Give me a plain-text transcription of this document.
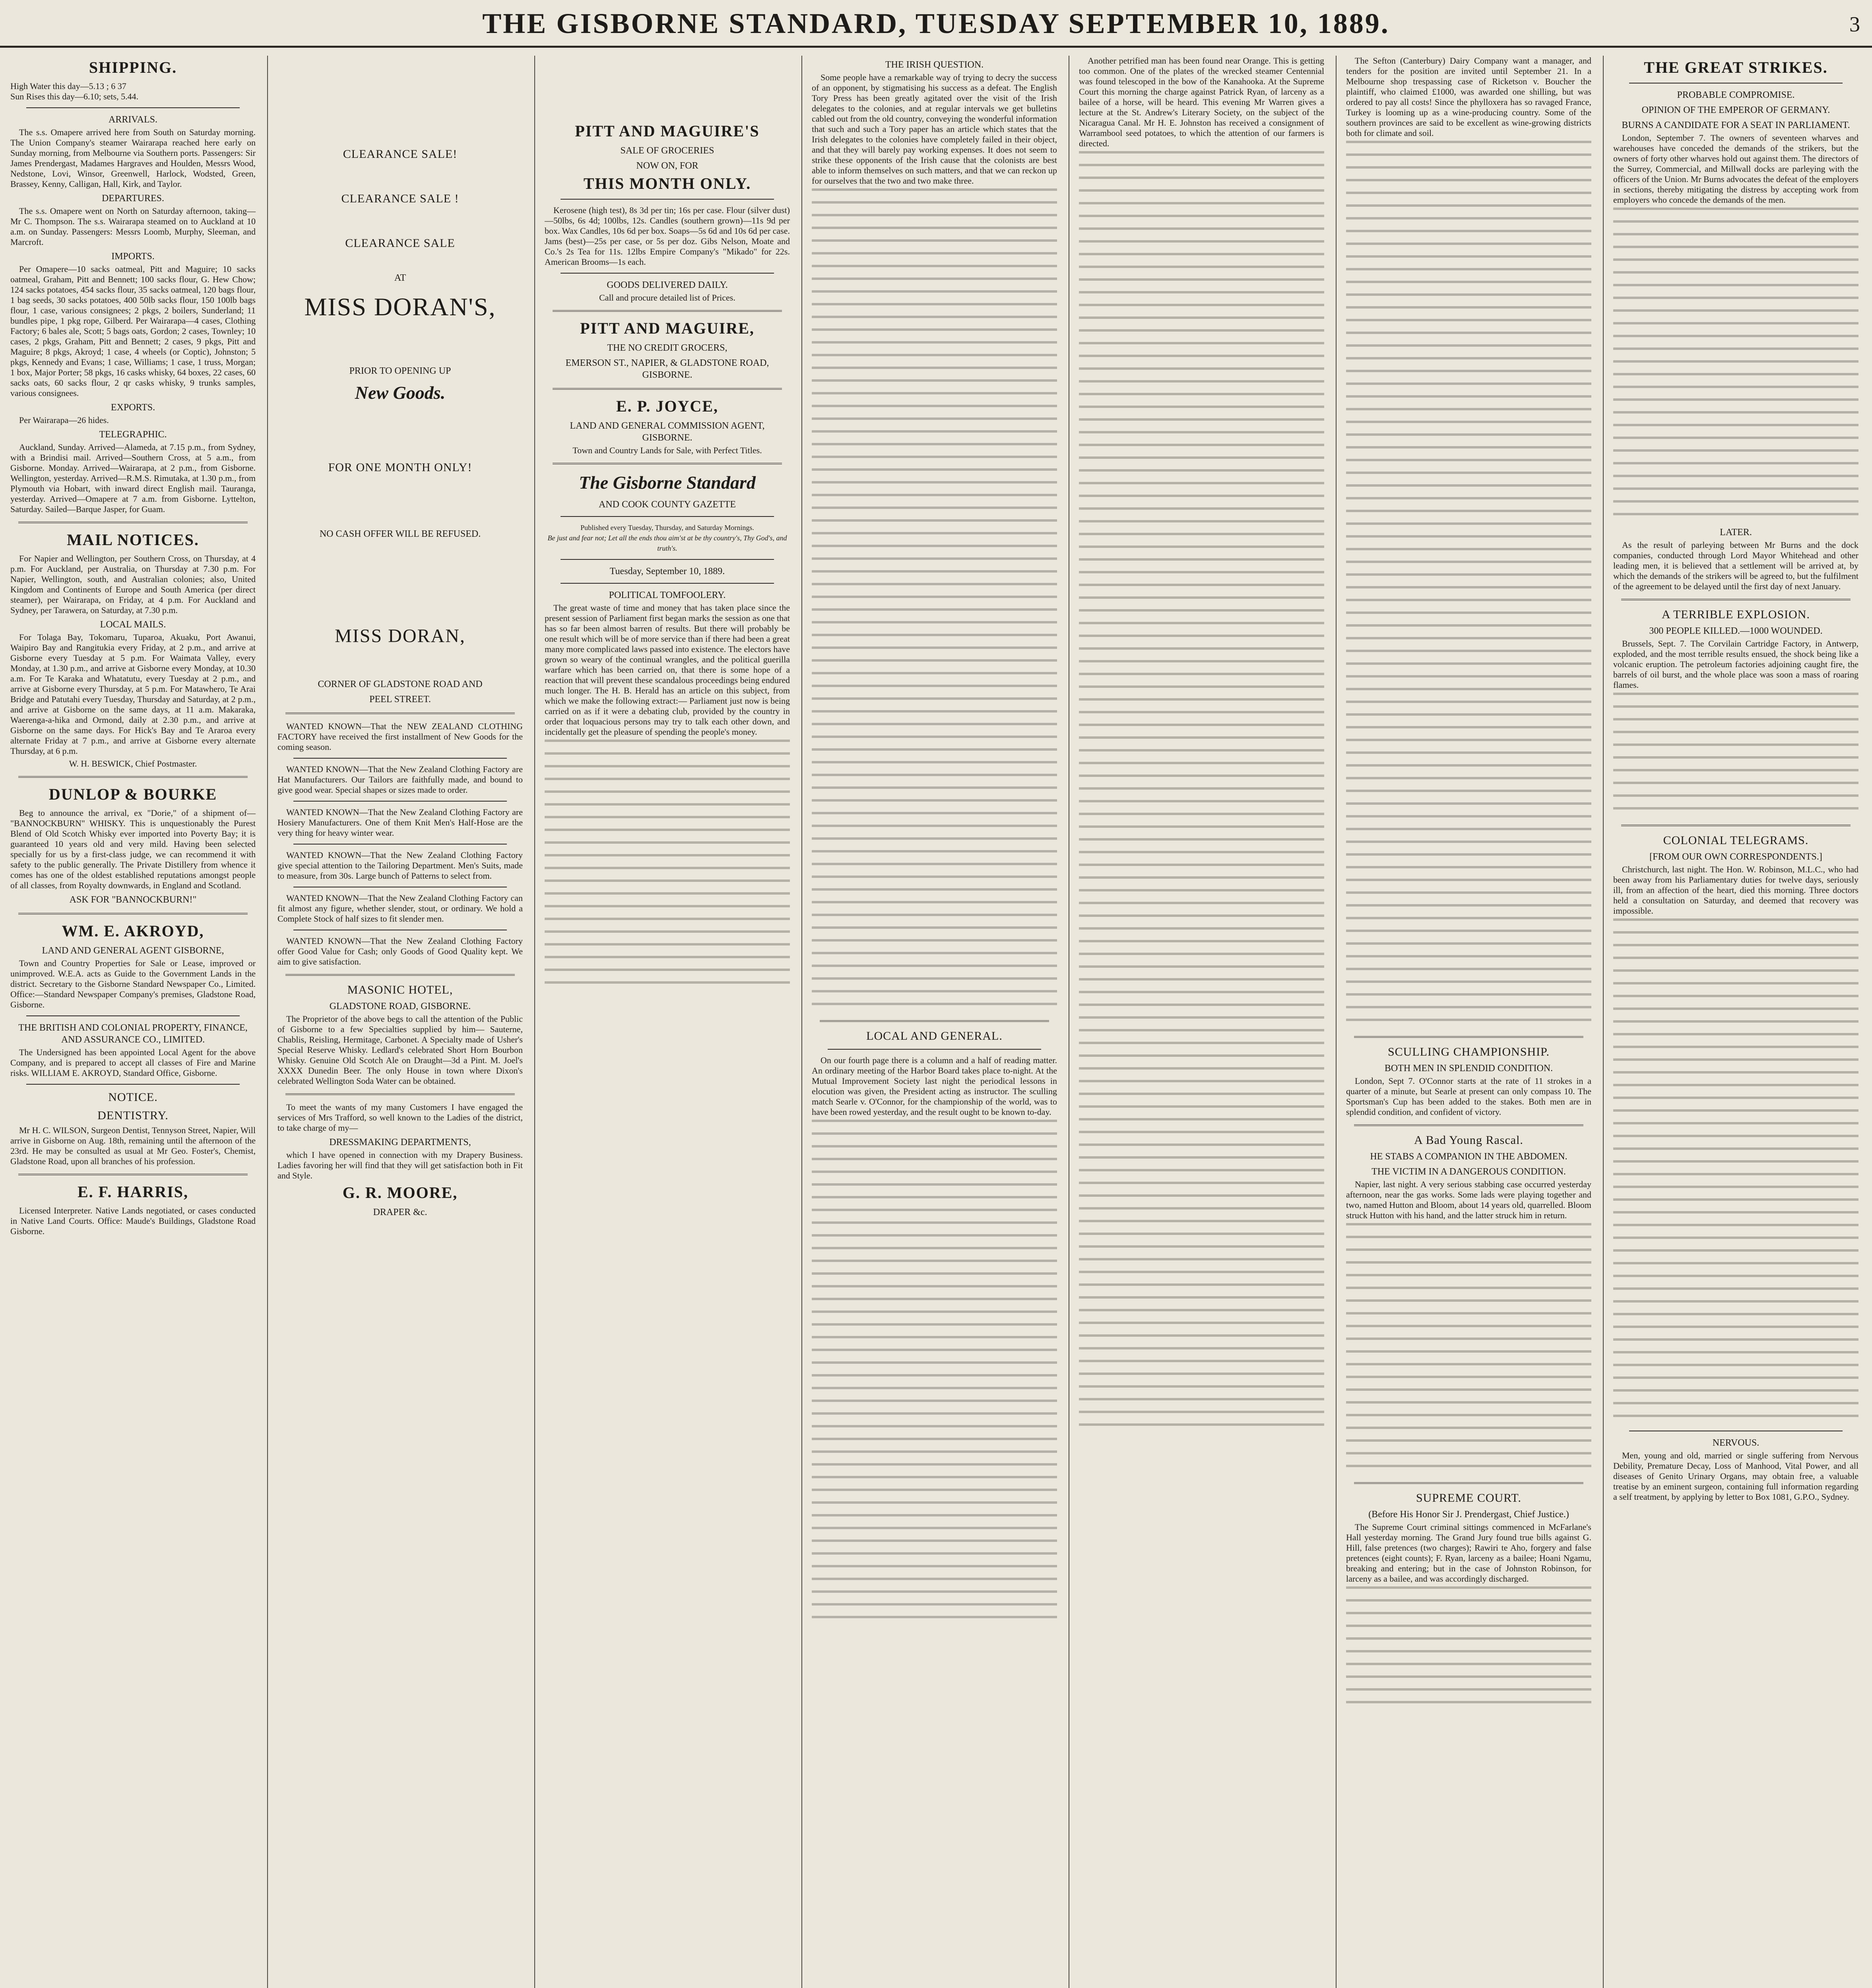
THE GISBORNE STANDARD, TUESDAY SEPTEMBER 10, 1889.	3
SHIPPING.
High Water this day—5.13 ; 6 37
Sun Rises this day—6.10; sets, 5.44.
ARRIVALS.

The s.s. Omapere arrived here from South on Saturday morning. The Union Company's steamer Wairarapa reached here early on Sunday morning, from Melbourne via Southern ports. Passengers: Sir James Prendergast, Madames Hargraves and Houlden, Messrs Wood, Nedstone, Lovi, Winsor, Greenwell, Harlock, Wodsted, Green, Brassey, Kenny, Calligan, Hall, Kirk, and Taylor.

DEPARTURES.

The s.s. Omapere went on North on Saturday afternoon, taking—Mr C. Thompson. The s.s. Wairarapa steamed on to Auckland at 10 a.m. on Sunday. Passengers: Messrs Loomb, Murphy, Sleeman, and Marcroft.

IMPORTS.

Per Omapere—10 sacks oatmeal, Pitt and Maguire; 10 sacks oatmeal, Graham, Pitt and Bennett; 100 sacks flour, G. Hew Chow; 124 sacks potatoes, 454 sacks flour, 35 sacks oatmeal, 120 bags flour, 1 bag seeds, 30 sacks potatoes, 400 50lb sacks flour, 150 100lb bags flour, 1 case, various consignees; 2 pkgs, 2 boilers, Sunderland; 11 bundles pipe, 1 pkg rope, Gilberd. Per Wairarapa—4 cases, Clothing Factory; 6 bales ale, Scott; 5 bags oats, Gordon; 2 cases, Townley; 10 cases, 2 pkgs, Graham, Pitt and Bennett; 2 cases, 9 pkgs, Pitt and Maguire; 8 pkgs, Akroyd; 1 case, 4 wheels (or Coptic), Johnston; 5 pkgs, Kennedy and Evans; 1 case, Williams; 1 case, 1 truss, Morgan; 1 box, Major Porter; 58 pkgs, 16 casks whisky, 64 boxes, 22 cases, 60 sacks oats, 60 sacks flour, 2 qr casks whisky, 9 trunks samples, various consignees.

EXPORTS.

Per Wairarapa—26 hides.

TELEGRAPHIC.

Auckland, Sunday. Arrived—Alameda, at 7.15 p.m., from Sydney, with a Brindisi mail. Arrived—Southern Cross, at 5 a.m., from Gisborne. Monday. Arrived—Wairarapa, at 2 p.m., from Gisborne. Wellington, yesterday. Arrived—R.M.S. Rimutaka, at 1.30 p.m., from Plymouth via Hobart, with inward direct English mail. Tauranga, yesterday. Arrived—Omapere at 7 a.m. from Gisborne. Lyttelton, Saturday. Sailed—Barque Jasper, for Guam.

MAIL NOTICES.

For Napier and Wellington, per Southern Cross, on Thursday, at 4 p.m. For Auckland, per Australia, on Thursday at 7.30 p.m. For Napier, Wellington, south, and Australian colonies; also, United Kingdom and Continents of Europe and South America (per direct steamer), per Wairarapa, on Friday, at 4 p.m. For Auckland and Sydney, per Tarawera, on Saturday, at 7.30 p.m.

LOCAL MAILS.

For Tolaga Bay, Tokomaru, Tuparoa, Akuaku, Port Awanui, Waipiro Bay and Rangitukia every Friday, at 2 p.m., and arrive at Gisborne every Tuesday at 5 p.m. For Waimata Valley, every Monday, at 1.30 p.m., and arrive at Gisborne every Monday, at 10.30 a.m. For Te Karaka and Whatatutu, every Tuesday at 2 p.m., and arrive at Gisborne every Thursday, at 5 p.m. For Matawhero, Te Arai Bridge and Patutahi every Tuesday, Thursday and Saturday, at 2 p.m., and arrive at Gisborne on the same days, at 11 a.m. Makaraka, Waerenga-a-hika and Ormond, daily at 2.30 p.m., and arrive at Gisborne on the same days. For Hick's Bay and Te Araroa every alternate Friday at 7 p.m., and arrive at Gisborne every alternate Thursday, at 6 p.m.

W. H. BESWICK, Chief Postmaster.
DUNLOP & BOURKE

Beg to announce the arrival, ex "Dorie," of a shipment of— "BANNOCKBURN" WHISKY. This is unquestionably the Purest Blend of Old Scotch Whisky ever imported into Poverty Bay; it is guaranteed 10 years old and very mild. Having been selected specially for us by a first-class judge, we can recommend it with safety to the public generally. The Private Distillery from whence it comes has one of the oldest established reputations amongst people of all classes, from Royalty downwards, in England and Scotland.

ASK FOR "BANNOCKBURN!"
WM. E. AKROYD,
LAND AND GENERAL AGENT GISBORNE,

Town and Country Properties for Sale or Lease, improved or unimproved. W.E.A. acts as Guide to the Government Lands in the district. Secretary to the Gisborne Standard Newspaper Co., Limited. Office:—Standard Newspaper Company's premises, Gladstone Road, Gisborne.

THE BRITISH AND COLONIAL PROPERTY, FINANCE, AND ASSURANCE CO., LIMITED.

The Undersigned has been appointed Local Agent for the above Company, and is prepared to accept all classes of Fire and Marine risks. WILLIAM E. AKROYD, Standard Office, Gisborne.

NOTICE.
DENTISTRY.

Mr H. C. WILSON, Surgeon Dentist, Tennyson Street, Napier, Will arrive in Gisborne on Aug. 18th, remaining until the afternoon of the 23rd. He may be consulted as usual at Mr Geo. Foster's, Chemist, Gladstone Road, upon all branches of his profession.

E. F. HARRIS,

Licensed Interpreter. Native Lands negotiated, or cases conducted in Native Land Courts. Office: Maude's Buildings, Gladstone Road Gisborne.

CLEARANCE SALE!
CLEARANCE SALE !
CLEARANCE SALE
AT
MISS DORAN'S,
PRIOR TO OPENING UP
New Goods.
FOR ONE MONTH ONLY!
NO CASH OFFER WILL BE REFUSED.
MISS DORAN,
CORNER OF GLADSTONE ROAD AND
PEEL STREET.

WANTED KNOWN—That the NEW ZEALAND CLOTHING FACTORY have received the first installment of New Goods for the coming season.

WANTED KNOWN—That the New Zealand Clothing Factory are Hat Manufacturers. Our Tailors are faithfully made, and bound to give good wear. Special shapes or sizes made to order.

WANTED KNOWN—That the New Zealand Clothing Factory are Hosiery Manufacturers. One of them Knit Men's Half-Hose are the very thing for heavy winter wear.

WANTED KNOWN—That the New Zealand Clothing Factory give special attention to the Tailoring Department. Men's Suits, made to measure, from 30s. Large bunch of Patterns to select from.

WANTED KNOWN—That the New Zealand Clothing Factory can fit almost any figure, whether slender, stout, or ordinary. We hold a Complete Stock of half sizes to fit slender men.

WANTED KNOWN—That the New Zealand Clothing Factory offer Good Value for Cash; only Goods of Good Quality kept. We aim to give satisfaction.

MASONIC HOTEL,
GLADSTONE ROAD, GISBORNE.

The Proprietor of the above begs to call the attention of the Public of Gisborne to a few Specialties supplied by him— Sauterne, Chablis, Reisling, Hermitage, Carbonet. A Specialty made of Usher's Special Reserve Whisky. Ledlard's celebrated Short Horn Bourbon Whisky. Genuine Old Scotch Ale on Draught—3d a Pint. M. Joel's XXXX Dunedin Beer. The only House in town where Dixon's celebrated Wellington Soda Water can be obtained.

To meet the wants of my many Customers I have engaged the services of Mrs Trafford, so well known to the Ladies of the district, to take charge of my—

DRESSMAKING DEPARTMENTS,

which I have opened in connection with my Drapery Business. Ladies favoring her will find that they will get satisfaction both in Fit and Style.

G. R. MOORE,
DRAPER &c.
PITT AND MAGUIRE'S
SALE OF GROCERIES
NOW ON, FOR
THIS MONTH ONLY.

Kerosene (high test), 8s 3d per tin; 16s per case. Flour (silver dust)—50lbs, 6s 4d; 100lbs, 12s. Candles (southern grown)—11s 9d per box. Wax Candles, 10s 6d per box. Soaps—5s 6d and 10s 6d per case. Jams (best)—25s per case, or 5s per doz. Gibs Nelson, Moate and Co.'s 2s Tea for 11s. 12lbs Empire Company's "Mikado" for 22s. American Brooms—1s each.

GOODS DELIVERED DAILY.
Call and procure detailed list of Prices.
PITT AND MAGUIRE,
THE NO CREDIT GROCERS,
EMERSON ST., NAPIER, & GLADSTONE ROAD, GISBORNE.
E. P. JOYCE,
LAND AND GENERAL COMMISSION AGENT, GISBORNE.
Town and Country Lands for Sale, with Perfect Titles.
The Gisborne Standard
AND COOK COUNTY GAZETTE
Published every Tuesday, Thursday, and Saturday Mornings.
Be just and fear not; Let all the ends thou aim'st at be thy country's, Thy God's, and truth's.
Tuesday, September 10, 1889.
POLITICAL TOMFOOLERY.

The great waste of time and money that has taken place since the present session of Parliament first began marks the session as one that has so far been almost barren of results. But there will probably be one result which will be of more service than if there had been a great many more complicated laws passed into existence. The electors have grown so weary of the continual wrangles, and the political guerilla warfare which has been carried on, that there is some hope of a reaction that will prevent these scandalous proceedings being endured much longer. The H. B. Herald has an article on this subject, from which we make the following extract:— Parliament just now is being carried on as if it were a debating club, provided by the country in order that loquacious persons may try to talk each other down, and incidentally get the pleasure of spending the people's money.

THE IRISH QUESTION.

Some people have a remarkable way of trying to decry the success of an opponent, by stigmatising his success as a defeat. The English Tory Press has been greatly agitated over the visit of the Irish delegates to the colonies, and at regular intervals we get bulletins cabled out from the old country, conveying the wonderful information that such and such a Tory paper has an article which states that the Irish delegates to the colonies have completely failed in their object, and that they will barely pay working expenses. It does not seem to strike these opponents of the Irish cause that the colonists are best able to inform themselves on such matters, and that we can reckon up for ourselves that the two and two make three.

LOCAL AND GENERAL.

On our fourth page there is a column and a half of reading matter. An ordinary meeting of the Harbor Board takes place to-night. At the Mutual Improvement Society last night the periodical lessons in elocution was given, the President acting as instructor. The sculling match Searle v. O'Connor, for the championship of the world, was to have been rowed yesterday, and the result ought to be known to-day.

Another petrified man has been found near Orange. This is getting too common. One of the plates of the wrecked steamer Centennial was found telescoped in the bow of the Kanahooka. At the Supreme Court this morning the charge against Patrick Ryan, of larceny as a bailee of a horse, will be heard. This evening Mr Warren gives a lecture at the St. Andrew's Literary Society, on the subject of the Nicaragua Canal. Mr H. E. Johnston has received a consignment of Warrambool seed potatoes, to which the attention of our farmers is directed.

The Sefton (Canterbury) Dairy Company want a manager, and tenders for the position are invited until September 21. In a Melbourne shop trespassing case of Ricketson v. Boucher the plaintiff, who claimed £1000, was awarded one shilling, but was ordered to pay all costs! Since the phylloxera has so ravaged France, Turkey is looming up as a wine-producing country. Some of the southern provinces are said to be excellent as wine-growing districts both for climate and soil.

SCULLING CHAMPIONSHIP.
BOTH MEN IN SPLENDID CONDITION.

London, Sept 7. O'Connor starts at the rate of 11 strokes in a quarter of a minute, but Searle at present can only compass 10. The Sportsman's Cup has been added to the stakes. Both men are in splendid condition, and confident of victory.

A Bad Young Rascal.
HE STABS A COMPANION IN THE ABDOMEN.
THE VICTIM IN A DANGEROUS CONDITION.

Napier, last night. A very serious stabbing case occurred yesterday afternoon, near the gas works. Some lads were playing together and two, named Hutton and Bloom, about 14 years old, quarrelled. Bloom struck Hutton with his hand, and the latter struck him in return.

SUPREME COURT.
(Before His Honor Sir J. Prendergast, Chief Justice.)

The Supreme Court criminal sittings commenced in McFarlane's Hall yesterday morning. The Grand Jury found true bills against G. Hill, false pretences (two charges); Rawiri te Aho, forgery and false pretences (eight counts); F. Ryan, larceny as a bailee; Hoani Ngamu, breaking and entering; but in the case of Johnston Robinson, for larceny as a bailee, and was accordingly discharged.

THE GREAT STRIKES.
PROBABLE COMPROMISE.
OPINION OF THE EMPEROR OF GERMANY.
BURNS A CANDIDATE FOR A SEAT IN PARLIAMENT.

London, September 7. The owners of seventeen wharves and warehouses have conceded the demands of the strikers, but the owners of forty other wharves hold out against them. The directors of the Surrey, Commercial, and Millwall docks are parleying with the officers of the Union. Mr Burns advocates the defeat of the employers in sections, thereby mitigating the distress by accepting work from employers who concede the demands of the men.

LATER.

As the result of parleying between Mr Burns and the dock companies, conducted through Lord Mayor Whitehead and other leading men, it is believed that a settlement will be arrived at, by which the demands of the strikers will be agreed to, but the fulfilment of the agreement to be delayed until the first day of next January.

A TERRIBLE EXPLOSION.
300 PEOPLE KILLED.—1000 WOUNDED.

Brussels, Sept. 7. The Corvilain Cartridge Factory, in Antwerp, exploded, and the most terrible results ensued, the shock being like a volcanic eruption. The petroleum factories adjoining caught fire, the barrels of oil burst, and the whole place was soon a mass of roaring flames.

COLONIAL TELEGRAMS.
[FROM OUR OWN CORRESPONDENTS.]

Christchurch, last night. The Hon. W. Robinson, M.L.C., who had been away from his Parliamentary duties for twelve days, seriously ill, from an affection of the heart, died this morning. Three doctors held a consultation on Saturday, and deemed that recovery was impossible.

NERVOUS.

Men, young and old, married or single suffering from Nervous Debility, Premature Decay, Loss of Manhood, Vital Power, and all diseases of Genito Urinary Organs, may obtain free, a valuable treatise by an eminent surgeon, containing full information regarding a self treatment, by applying by letter to Box 1081, G.P.O., Sydney.
